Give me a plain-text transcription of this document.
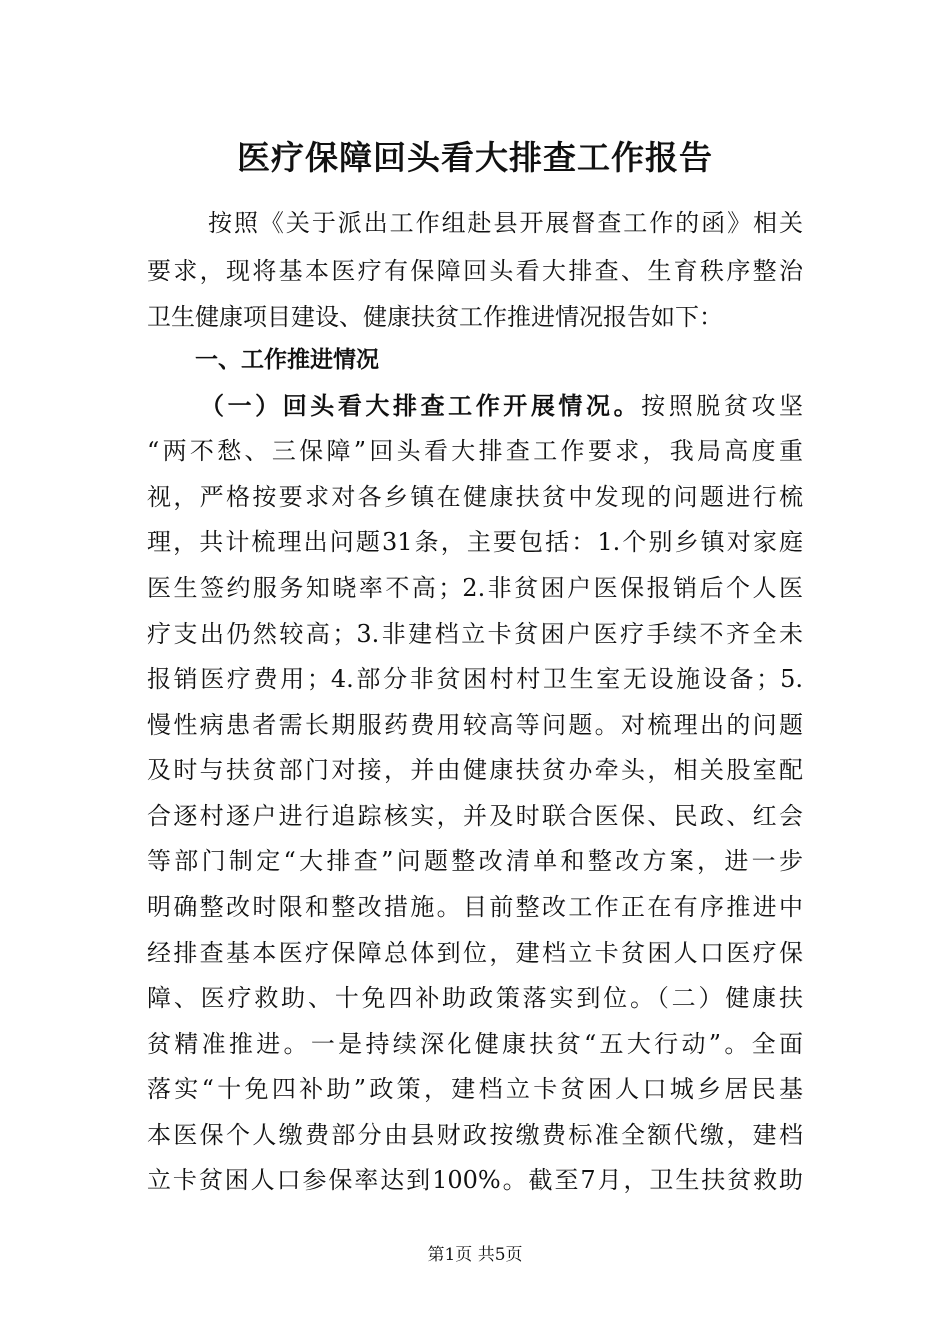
医疗保障回头看大排查工作报告

按照《关于派出工作组赴县开展督查工作的函》相关

要求，现将基本医疗有保障回头看大排查、生育秩序整治

卫生健康项目建设、健康扶贫工作推进情况报告如下：

一、工作推进情况

（一）回头看大排查工作开展情况。按照脱贫攻坚

“两不愁、三保障”回头看大排查工作要求，我局高度重

视，严格按要求对各乡镇在健康扶贫中发现的问题进行梳

理，共计梳理出问题31条，主要包括：1.个别乡镇对家庭

医生签约服务知晓率不高；2.非贫困户医保报销后个人医

疗支出仍然较高；3.非建档立卡贫困户医疗手续不齐全未

报销医疗费用；4.部分非贫困村村卫生室无设施设备；5.

慢性病患者需长期服药费用较高等问题。对梳理出的问题

及时与扶贫部门对接，并由健康扶贫办牵头，相关股室配

合逐村逐户进行追踪核实，并及时联合医保、民政、红会

等部门制定“大排查”问题整改清单和整改方案，进一步

明确整改时限和整改措施。目前整改工作正在有序推进中

经排查基本医疗保障总体到位，建档立卡贫困人口医疗保

障、医疗救助、十免四补助政策落实到位。（二）健康扶

贫精准推进。一是持续深化健康扶贫“五大行动”。全面

落实“十免四补助”政策，建档立卡贫困人口城乡居民基

本医保个人缴费部分由县财政按缴费标准全额代缴，建档

立卡贫困人口参保率达到100%。截至7月，卫生扶贫救助

第1页 共5页
